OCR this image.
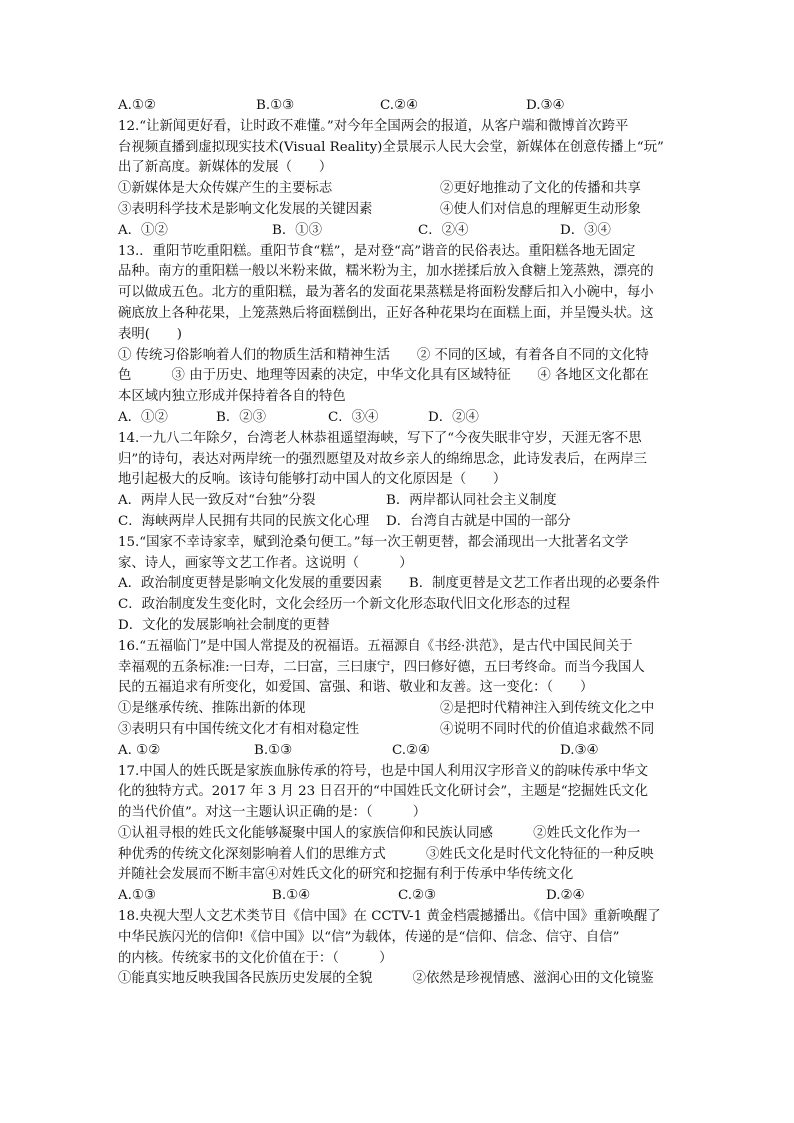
A.①②	B.①③	C.②④	D.③④
12.“让新闻更好看，让时政不难懂。”对今年全国两会的报道，从客户端和微博首次跨平
台视频直播到虚拟现实技术(Visual Reality)全景展示人民大会堂，新媒体在创意传播上“玩”
出了新高度。新媒体的发展（　　）
①新媒体是大众传媒产生的主要标志	②更好地推动了文化的传播和共享
③表明科学技术是影响文化发展的关键因素	④使人们对信息的理解更生动形象
A．①②	B．①③	C．②④	D．③④
13.．重阳节吃重阳糕。重阳节食“糕”，是对登“高”谐音的民俗表达。重阳糕各地无固定
品种。南方的重阳糕一般以米粉来做，糯米粉为主，加水搓揉后放入食糖上笼蒸熟，漂亮的
可以做成五色。北方的重阳糕，最为著名的发面花果蒸糕是将面粉发酵后扣入小碗中，每小
碗底放上各种花果，上笼蒸熟后将面糕倒出，正好各种花果均在面糕上面，并呈馒头状。这
表明(　　)
① 传统习俗影响着人们的物质生活和精神生活　　② 不同的区域，有着各自不同的文化特
色　　　③ 由于历史、地理等因素的决定，中华文化具有区域特征　　④ 各地区文化都在
本区域内独立形成并保持着各自的特色
A．①②	B．②③	C．③④	D．②④
14.一九八二年除夕，台湾老人林恭祖遥望海峡，写下了“今夜失眠非守岁，天涯无客不思
归”的诗句，表达对两岸统一的强烈愿望及对故乡亲人的绵绵思念，此诗发表后，在两岸三
地引起极大的反响。该诗句能够打动中国人的文化原因是（　　）
A．两岸人民一致反对“台独”分裂	B．两岸都认同社会主义制度
C．海峡两岸人民拥有共同的民族文化心理 D．台湾自古就是中国的一部分
15.“国家不幸诗家幸，赋到沧桑句便工。”每一次王朝更替，都会涌现出一大批著名文学
家、诗人，画家等文艺工作者。这说明（　　　）
A．政治制度更替是影响文化发展的重要因素　　B．制度更替是文艺工作者出现的必要条件
C．政治制度发生变化时，文化会经历一个新文化形态取代旧文化形态的过程
D．文化的发展影响社会制度的更替
16.“五福临门”是中国人常提及的祝福语。五福源自《书经·洪范》，是古代中国民间关于
幸福观的五条标准:一曰寿，二曰富，三曰康宁，四曰修好德，五曰考终命。而当今我国人
民的五福追求有所变化，如爱国、富强、和谐、敬业和友善。这一变化：（　　）
①是继承传统、推陈出新的体现	②是把时代精神注入到传统文化之中
③表明只有中国传统文化才有相对稳定性	④说明不同时代的价值追求截然不同
A. ①②	B.①③	C.②④	D.③④
17.中国人的姓氏既是家族血脉传承的符号，也是中国人利用汉字形音义的韵味传承中华文
化的独特方式。2017 年 3 月 23 日召开的“中国姓氏文化研讨会”，主题是“挖掘姓氏文化
的当代价值”。对这一主题认识正确的是：（　　　）
①认祖寻根的姓氏文化能够凝聚中国人的家族信仰和民族认同感　　　②姓氏文化作为一
种优秀的传统文化深刻影响着人们的思维方式　　　③姓氏文化是时代文化特征的一种反映
并随社会发展而不断丰富④对姓氏文化的研究和挖掘有利于传承中华传统文化
A.①③	B.①④	C.②③	D.②④
18.央视大型人文艺术类节目《信中国》在 CCTV-1 黄金档震撼播出。《信中国》重新唤醒了
中华民族闪光的信仰!《信中国》以“信”为载体，传递的是“信仰、信念、信守、自信”
的内核。传统家书的文化价值在于：（　　　）
①能真实地反映我国各民族历史发展的全貌　　　②依然是珍视情感、滋润心田的文化镜鉴
